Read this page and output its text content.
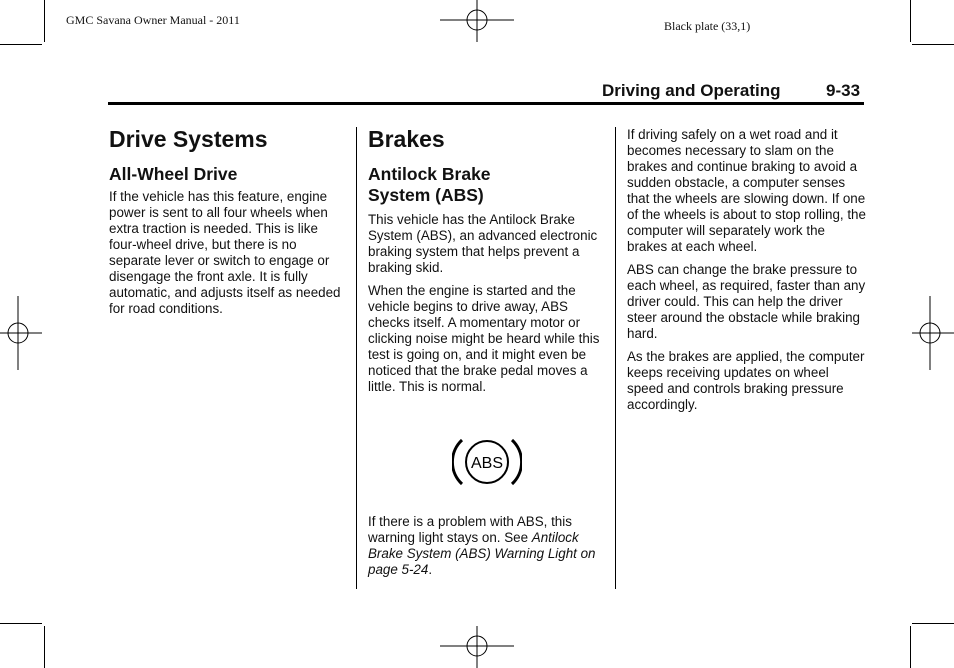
GMC Savana Owner Manual - 2011	Black plate (33,1)
Driving and Operating	9-33
Drive Systems
All-Wheel Drive

If the vehicle has this feature, engine power is sent to all four wheels when extra traction is needed. This is like four-wheel drive, but there is no separate lever or switch to engage or disengage the front axle. It is fully automatic, and adjusts itself as needed for road conditions.

Brakes
Antilock Brake
System (ABS)

This vehicle has the Antilock Brake System (ABS), an advanced electronic braking system that helps prevent a braking skid.

When the engine is started and the vehicle begins to drive away, ABS checks itself. A momentary motor or clicking noise might be heard while this test is going on, and it might even be noticed that the brake pedal moves a little. This is normal.

ABS

If there is a problem with ABS, this warning light stays on. See Antilock Brake System (ABS) Warning Light on page 5-24.

If driving safely on a wet road and it becomes necessary to slam on the brakes and continue braking to avoid a sudden obstacle, a computer senses that the wheels are slowing down. If one of the wheels is about to stop rolling, the computer will separately work the brakes at each wheel.

ABS can change the brake pressure to each wheel, as required, faster than any driver could. This can help the driver steer around the obstacle while braking hard.

As the brakes are applied, the computer keeps receiving updates on wheel speed and controls braking pressure accordingly.
